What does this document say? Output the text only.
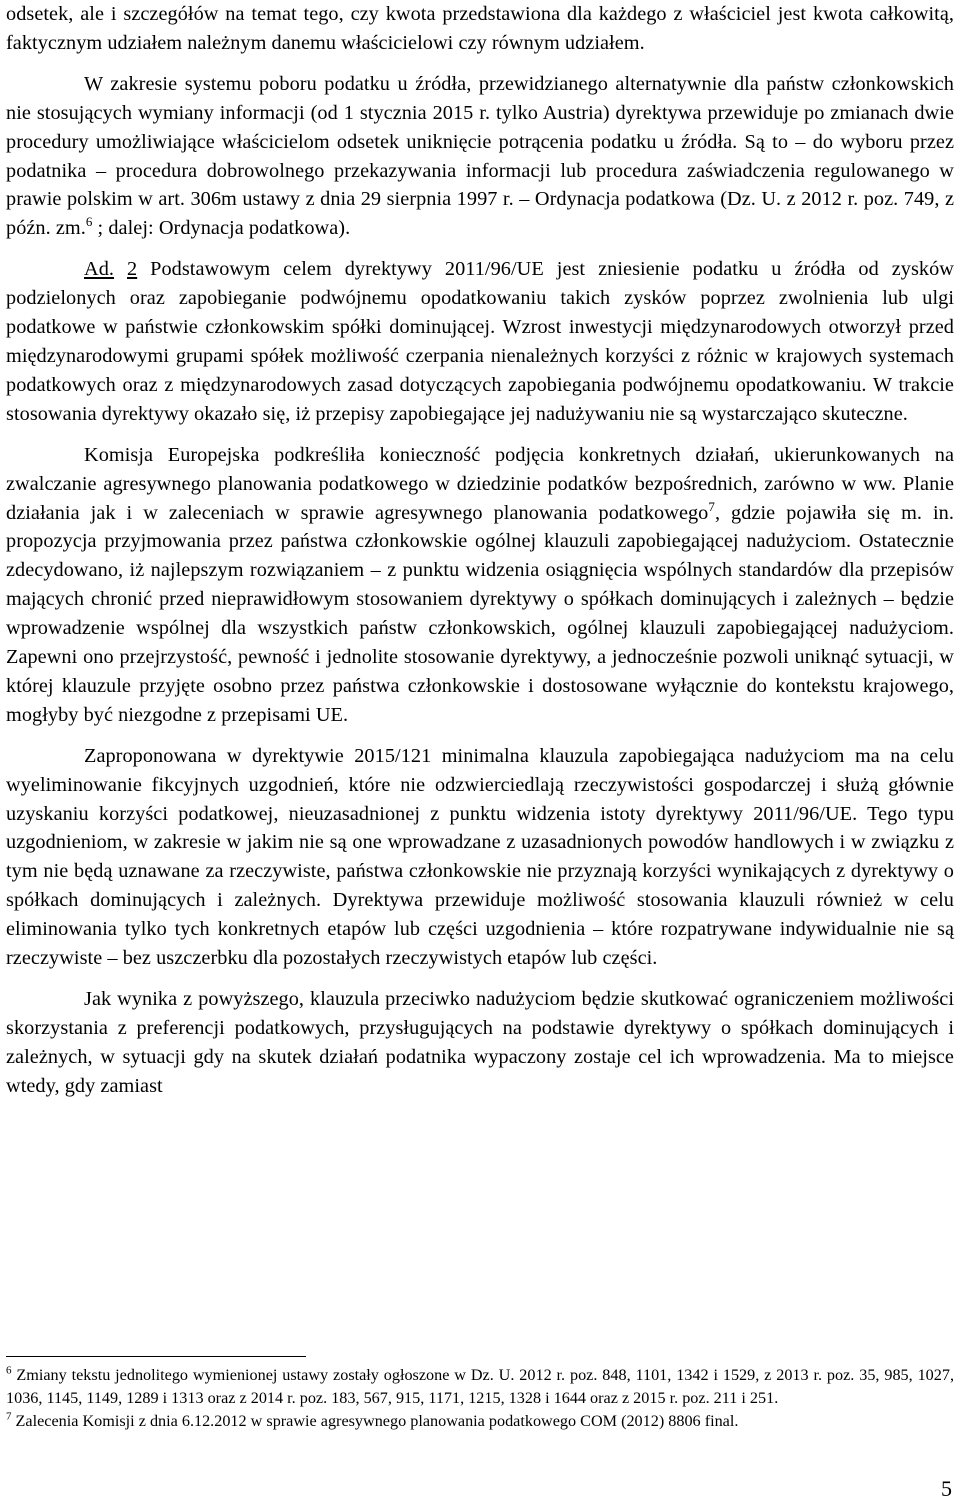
odsetek, ale i szczegółów na temat tego, czy kwota przedstawiona dla każdego z właściciel jest kwota całkowitą, faktycznym udziałem należnym danemu właścicielowi czy równym udziałem.

W zakresie systemu poboru podatku u źródła, przewidzianego alternatywnie dla państw członkowskich nie stosujących wymiany informacji (od 1 stycznia 2015 r. tylko Austria) dyrektywa przewiduje po zmianach dwie procedury umożliwiające właścicielom odsetek uniknięcie potrącenia podatku u źródła. Są to – do wyboru przez podatnika – procedura dobrowolnego przekazywania informacji lub procedura zaświadczenia regulowanego w prawie polskim w art. 306m ustawy z dnia 29 sierpnia 1997 r. – Ordynacja podatkowa (Dz. U. z 2012 r. poz. 749, z późn. zm.$^6$ ; dalej: Ordynacja podatkowa).

Ad. 2 Podstawowym celem dyrektywy 2011/96/UE jest zniesienie podatku u źródła od zysków podzielonych oraz zapobieganie podwójnemu opodatkowaniu takich zysków poprzez zwolnienia lub ulgi podatkowe w państwie członkowskim spółki dominującej. Wzrost inwestycji międzynarodowych otworzył przed międzynarodowymi grupami spółek możliwość czerpania nienależnych korzyści z różnic w krajowych systemach podatkowych oraz z międzynarodowych zasad dotyczących zapobiegania podwójnemu opodatkowaniu. W trakcie stosowania dyrektywy okazało się, iż przepisy zapobiegające jej nadużywaniu nie są wystarczająco skuteczne.

Komisja Europejska podkreśliła konieczność podjęcia konkretnych działań, ukierunkowanych na zwalczanie agresywnego planowania podatkowego w dziedzinie podatków bezpośrednich, zarówno w ww. Planie działania jak i w zaleceniach w sprawie agresywnego planowania podatkowego$^7$, gdzie pojawiła się m. in. propozycja przyjmowania przez państwa członkowskie ogólnej klauzuli zapobiegającej nadużyciom. Ostatecznie zdecydowano, iż najlepszym rozwiązaniem – z punktu widzenia osiągnięcia wspólnych standardów dla przepisów mających chronić przed nieprawidłowym stosowaniem dyrektywy o spółkach dominujących i zależnych – będzie wprowadzenie wspólnej dla wszystkich państw członkowskich, ogólnej klauzuli zapobiegającej nadużyciom. Zapewni ono przejrzystość, pewność i jednolite stosowanie dyrektywy, a jednocześnie pozwoli uniknąć sytuacji, w której klauzule przyjęte osobno przez państwa członkowskie i dostosowane wyłącznie do kontekstu krajowego, mogłyby być niezgodne z przepisami UE.

Zaproponowana w dyrektywie 2015/121 minimalna klauzula zapobiegająca nadużyciom ma na celu wyeliminowanie fikcyjnych uzgodnień, które nie odzwierciedlają rzeczywistości gospodarczej i służą głównie uzyskaniu korzyści podatkowej, nieuzasadnionej z punktu widzenia istoty dyrektywy 2011/96/UE. Tego typu uzgodnieniom, w zakresie w jakim nie są one wprowadzane z uzasadnionych powodów handlowych i w związku z tym nie będą uznawane za rzeczywiste, państwa członkowskie nie przyznają korzyści wynikających z dyrektywy o spółkach dominujących i zależnych. Dyrektywa przewiduje możliwość stosowania klauzuli również w celu eliminowania tylko tych konkretnych etapów lub części uzgodnienia – które rozpatrywane indywidualnie nie są rzeczywiste – bez uszczerbku dla pozostałych rzeczywistych etapów lub części.

Jak wynika z powyższego, klauzula przeciwko nadużyciom będzie skutkować ograniczeniem możliwości skorzystania z preferencji podatkowych, przysługujących na podstawie dyrektywy o spółkach dominujących i zależnych, w sytuacji gdy na skutek działań podatnika wypaczony zostaje cel ich wprowadzenia. Ma to miejsce wtedy, gdy zamiast

$^6$ Zmiany tekstu jednolitego wymienionej ustawy zostały ogłoszone w Dz. U. 2012 r. poz. 848, 1101, 1342 i 1529, z 2013 r. poz. 35, 985, 1027, 1036, 1145, 1149, 1289 i 1313 oraz z 2014 r. poz. 183, 567, 915, 1171, 1215, 1328 i 1644 oraz z 2015 r. poz. 211 i 251.

$^7$ Zalecenia Komisji z dnia 6.12.2012 w sprawie agresywnego planowania podatkowego COM (2012) 8806 final.

5
